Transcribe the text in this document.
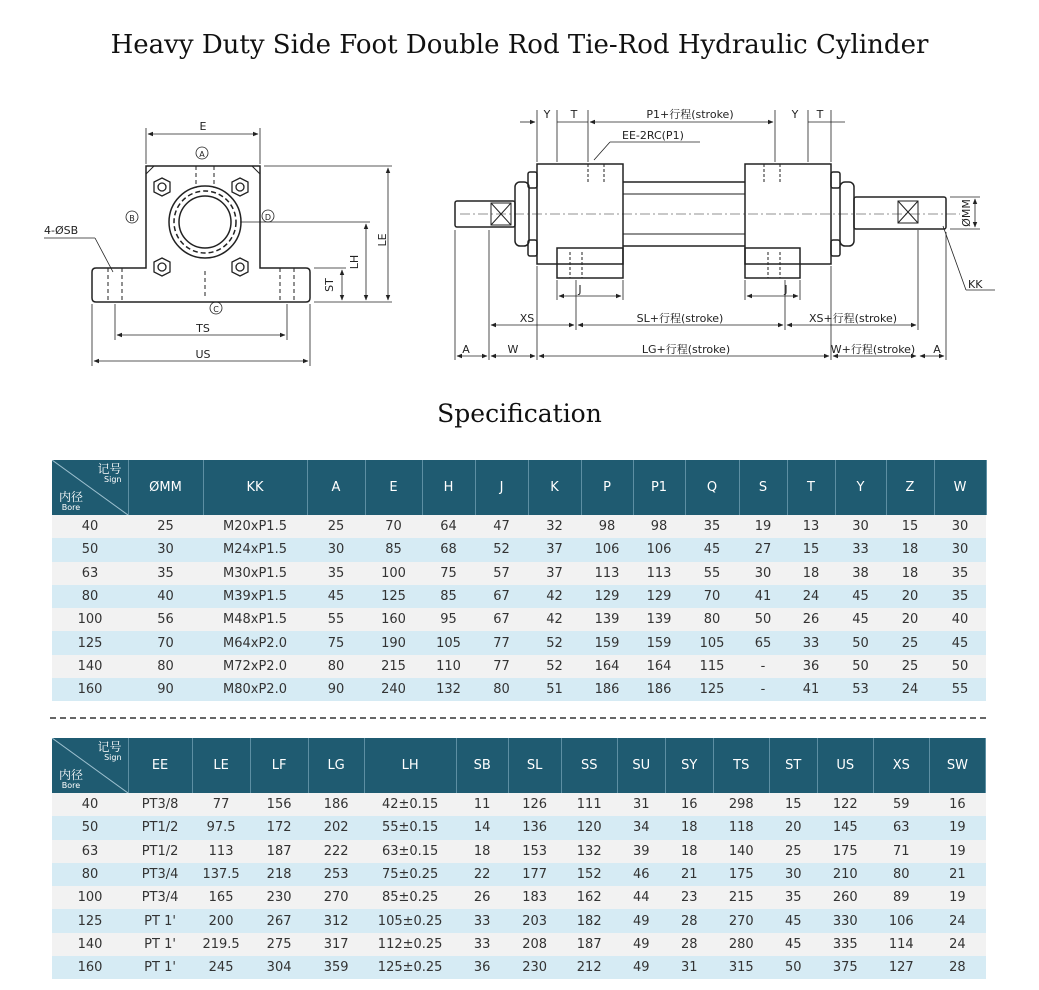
Heavy Duty Side Foot Double Rod Tie-Rod Hydraulic Cylinder
E
LE
LH
ST
TS
US
4-ØSB
A
B	D
C
Y T	P1+行程(stroke)	Y T
EE-2RC(P1)
ØMM
KK
J	J
XS	SL+行程(stroke)	XS+行程(stroke)
A	W	LG+行程(stroke)	W+行程(stroke) A
Specification
记号
Sign
内径
Bore	ØMM	KK	A	E	H	J	K	P	P1	Q	S	T	Y	Z	W
40	25	M20xP1.5	25	70	64	47	32	98	98	35	19	13	30	15	30
50	30	M24xP1.5	30	85	68	52	37	106	106	45	27	15	33	18	30
63	35	M30xP1.5	35	100	75	57	37	113	113	55	30	18	38	18	35
80	40	M39xP1.5	45	125	85	67	42	129	129	70	41	24	45	20	35
100	56	M48xP1.5	55	160	95	67	42	139	139	80	50	26	45	20	40
125	70	M64xP2.0	75	190	105	77	52	159	159	105	65	33	50	25	45
140	80	M72xP2.0	80	215	110	77	52	164	164	115	-	36	50	25	50
160	90	M80xP2.0	90	240	132	80	51	186	186	125	-	41	53	24	55
记号
Sign
内径
Bore	EE	LE	LF	LG	LH	SB	SL	SS	SU	SY	TS	ST	US	XS	SW
40	PT3/8	77	156	186	42±0.15	11	126	111	31	16	298	15	122	59	16
50	PT1/2	97.5	172	202	55±0.15	14	136	120	34	18	118	20	145	63	19
63	PT1/2	113	187	222	63±0.15	18	153	132	39	18	140	25	175	71	19
80	PT3/4	137.5	218	253	75±0.25	22	177	152	46	21	175	30	210	80	21
100	PT3/4	165	230	270	85±0.25	26	183	162	44	23	215	35	260	89	19
125	PT 1'	200	267	312	105±0.25	33	203	182	49	28	270	45	330	106	24
140	PT 1'	219.5	275	317	112±0.25	33	208	187	49	28	280	45	335	114	24
160	PT 1'	245	304	359	125±0.25	36	230	212	49	31	315	50	375	127	28
